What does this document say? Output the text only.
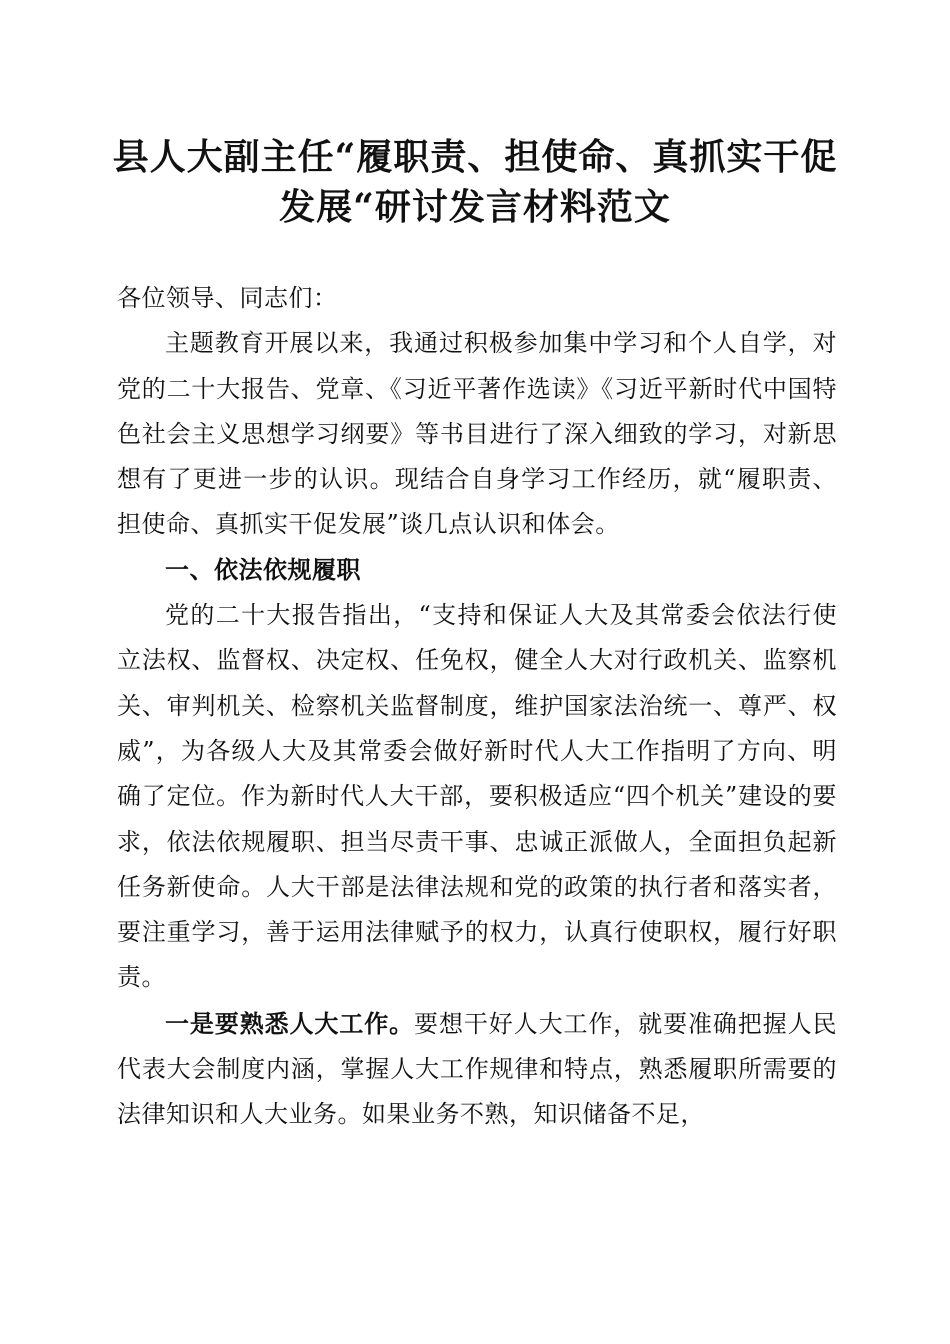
县人大副主任“履职责、担使命、真抓实干促
发展“研讨发言材料范文

各位领导、同志们：

主题教育开展以来，我通过积极参加集中学习和个人自学，对党的二十大报告、党章、《习近平著作选读》《习近平新时代中国特色社会主义思想学习纲要》等书目进行了深入细致的学习，对新思想有了更进一步的认识。现结合自身学习工作经历，就“履职责、担使命、真抓实干促发展”谈几点认识和体会。

一、依法依规履职

党的二十大报告指出，“支持和保证人大及其常委会依法行使立法权、监督权、决定权、任免权，健全人大对行政机关、监察机关、审判机关、检察机关监督制度，维护国家法治统一、尊严、权威”，为各级人大及其常委会做好新时代人大工作指明了方向、明确了定位。作为新时代人大干部，要积极适应“四个机关”建设的要求，依法依规履职、担当尽责干事、忠诚正派做人，全面担负起新任务新使命。人大干部是法律法规和党的政策的执行者和落实者，要注重学习，善于运用法律赋予的权力，认真行使职权，履行好职责。

一是要熟悉人大工作。要想干好人大工作，就要准确把握人民代表大会制度内涵，掌握人大工作规律和特点，熟悉履职所需要的法律知识和人大业务。如果业务不熟，知识储备不足，
